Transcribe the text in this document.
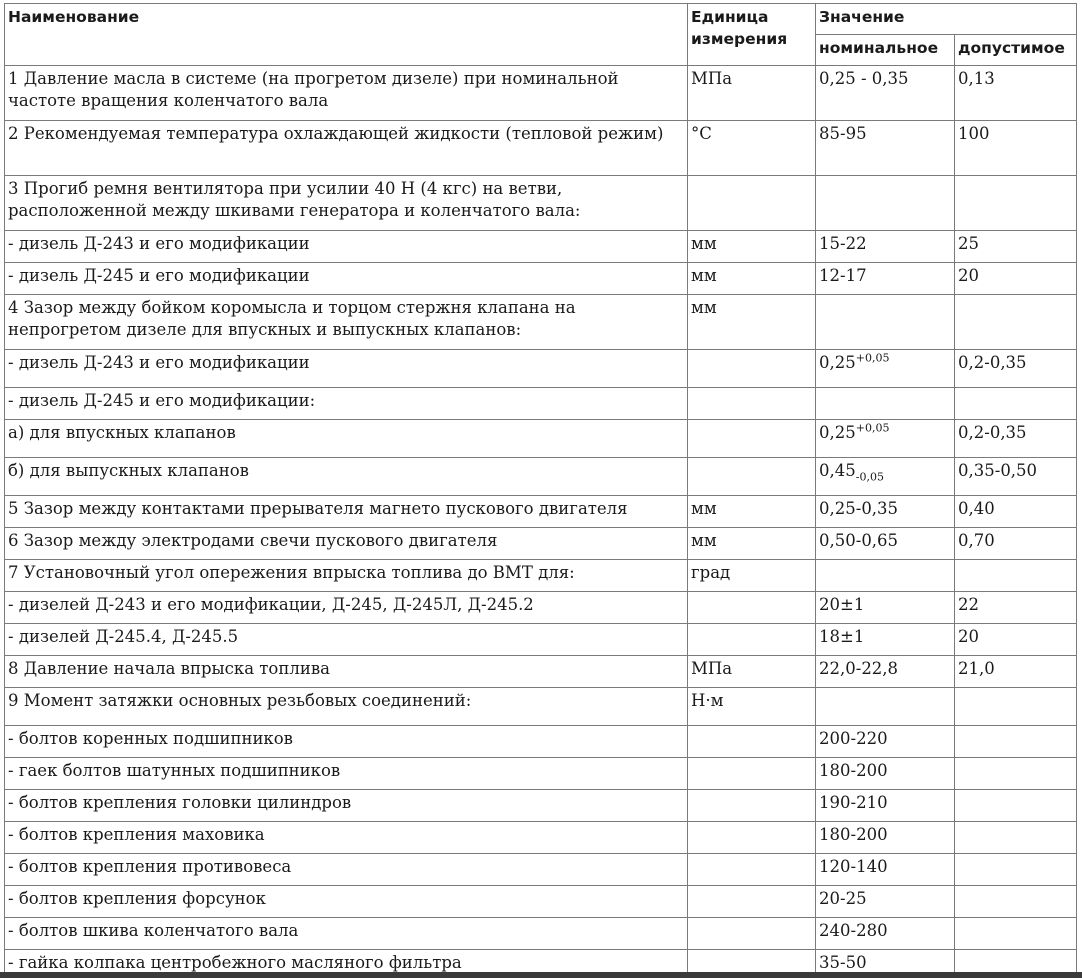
Наименование	Единица измерения	Значение	
		номинальное	допустимое
1 Давление масла в системе (на прогретом дизеле) при номинальной частоте вращения коленчатого вала	МПа	0,25 - 0,35	0,13
2 Рекомендуемая температура охлаждающей жидкости (тепловой режим)	°С	85-95	100
3 Прогиб ремня вентилятора при усилии 40 Н (4 кгс) на ветви, расположенной между шкивами генератора и коленчатого вала:			
- дизель Д-243 и его модификации	мм	15-22	25
- дизель Д-245 и его модификации	мм	12-17	20
4 Зазор между бойком коромысла и торцом стержня клапана на непрогретом дизеле для впускных и выпускных клапанов:	мм		
- дизель Д-243 и его модификации		$0,25^{+0,05}$	0,2-0,35
- дизель Д-245 и его модификации:			
а) для впускных клапанов		$0,25^{+0,05}$	0,2-0,35
б) для выпускных клапанов		$0,45_{-0,05}$	0,35-0,50
5 Зазор между контактами прерывателя магнето пускового двигателя	мм	0,25-0,35	0,40
6 Зазор между электродами свечи пускового двигателя	мм	0,50-0,65	0,70
7 Установочный угол опережения впрыска топлива до ВМТ для:	град		
- дизелей Д-243 и его модификации, Д-245, Д-245Л, Д-245.2		20±1	22
- дизелей Д-245.4, Д-245.5		18±1	20
8 Давление начала впрыска топлива	МПа	22,0-22,8	21,0
9 Момент затяжки основных резьбовых соединений:	Н·м		
- болтов коренных подшипников		200-220	
- гаек болтов шатунных подшипников		180-200	
- болтов крепления головки цилиндров		190-210	
- болтов крепления маховика		180-200	
- болтов крепления противовеса		120-140	
- болтов крепления форсунок		20-25	
- болтов шкива коленчатого вала		240-280	
- гайка колпака центробежного масляного фильтра		35-50	
